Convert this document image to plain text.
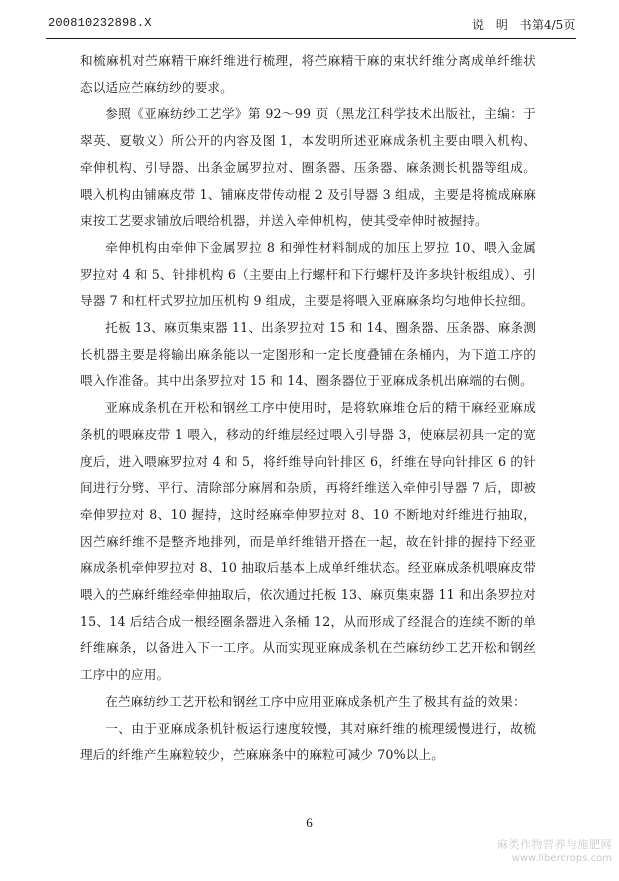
200810232898.X	说 明 书
第4/5页

和梳麻机对苎麻精干麻纤维进行梳理，将苎麻精干麻的束状纤维分离成单纤维状态以适应苎麻纺纱的要求。

参照《亚麻纺纱工艺学》第 92～99 页（黑龙江科学技术出版社，主编：于翠英、夏敬义）所公开的内容及图 1，本发明所述亚麻成条机主要由喂入机构、牵伸机构、引导器、出条金属罗拉对、圈条器、压条器、麻条测长机器等组成。喂入机构由铺麻皮带 1、铺麻皮带传动棍 2 及引导器 3 组成，主要是将梳成麻麻束按工艺要求铺放后喂给机器，并送入牵伸机构，使其受牵伸时被握持。

牵伸机构由牵伸下金属罗拉 8 和弹性材料制成的加压上罗拉 10、喂入金属罗拉对 4 和 5、针排机构 6（主要由上行螺杆和下行螺杆及许多块针板组成）、引导器 7 和杠杆式罗拉加压机构 9 组成，主要是将喂入亚麻麻条均匀地伸长拉细。

托板 13、麻页集束器 11、出条罗拉对 15 和 14、圈条器、压条器、麻条测长机器主要是将输出麻条能以一定图形和一定长度叠铺在条桶内，为下道工序的喂入作准备。其中出条罗拉对 15 和 14、圈条器位于亚麻成条机出麻端的右侧。

亚麻成条机在开松和钢丝工序中使用时，是将软麻堆仓后的精干麻经亚麻成条机的喂麻皮带 1 喂入，移动的纤维层经过喂入引导器 3，使麻层初具一定的宽度后，进入喂麻罗拉对 4 和 5，将纤维导向针排区 6，纤维在导向针排区 6 的针间进行分劈、平行、清除部分麻屑和杂质，再将纤维送入牵伸引导器 7 后，即被牵伸罗拉对 8、10 握持，这时经麻牵伸罗拉对 8、10 不断地对纤维进行抽取，因苎麻纤维不是整齐地排列，而是单纤维错开搭在一起，故在针排的握持下经亚麻成条机牵伸罗拉对 8、10 抽取后基本上成单纤维状态。经亚麻成条机喂麻皮带喂入的苎麻纤维经牵伸抽取后，依次通过托板 13、麻页集束器 11 和出条罗拉对 15、14 后结合成一根经圈条器进入条桶 12，从而形成了经混合的连续不断的单纤维麻条，以备进入下一工序。从而实现亚麻成条机在苎麻纺纱工艺开松和钢丝工序中的应用。

在苎麻纺纱工艺开松和钢丝工序中应用亚麻成条机产生了极其有益的效果：

一、由于亚麻成条机针板运行速度较慢，其对麻纤维的梳理缓慢进行，故梳理后的纤维产生麻粒较少，苎麻麻条中的麻粒可减少 70%以上。

6
麻类作物营养与施肥网
www.libercrops.com
